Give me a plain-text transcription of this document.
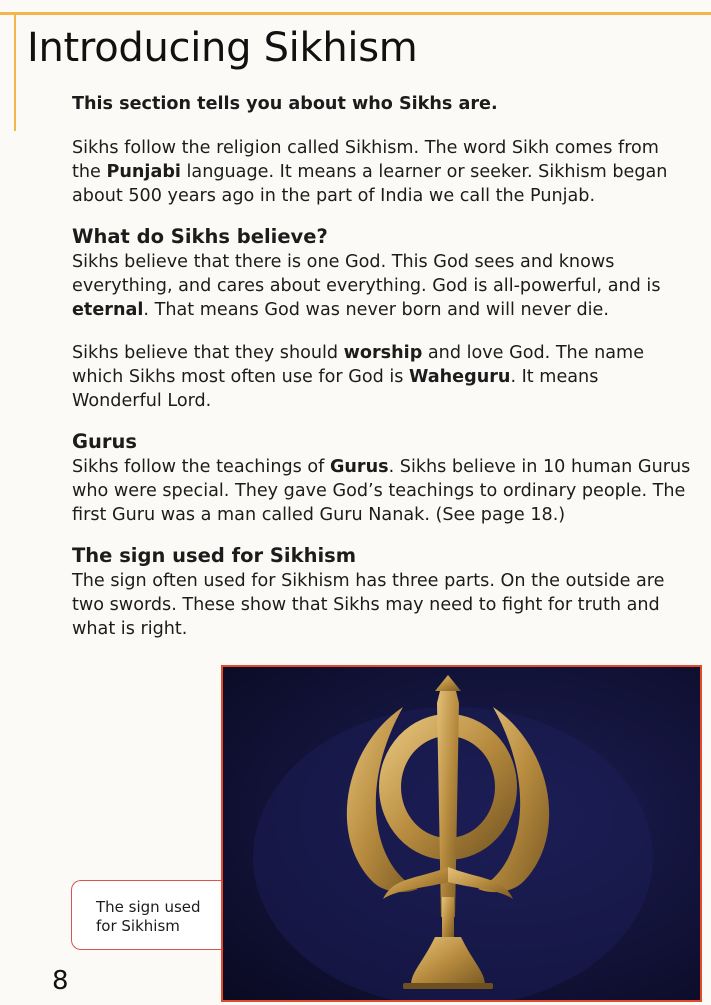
Introducing Sikhism

This section tells you about who Sikhs are.

Sikhs follow the religion called Sikhism. The word Sikh comes from the Punjabi language. It means a learner or seeker. Sikhism began about 500 years ago in the part of India we call the Punjab.

What do Sikhs believe?

Sikhs believe that there is one God. This God sees and knows everything, and cares about everything. God is all-powerful, and is eternal. That means God was never born and will never die.

Sikhs believe that they should worship and love God. The name which Sikhs most often use for God is Waheguru. It means Wonderful Lord.

Gurus

Sikhs follow the teachings of Gurus. Sikhs believe in 10 human Gurus who were special. They gave God’s teachings to ordinary people. The first Guru was a man called Guru Nanak. (See page 18.)

The sign used for Sikhism

The sign often used for Sikhism has three parts. On the outside are two swords. These show that Sikhs may need to fight for truth and what is right.

The sign used
for Sikhism
8
